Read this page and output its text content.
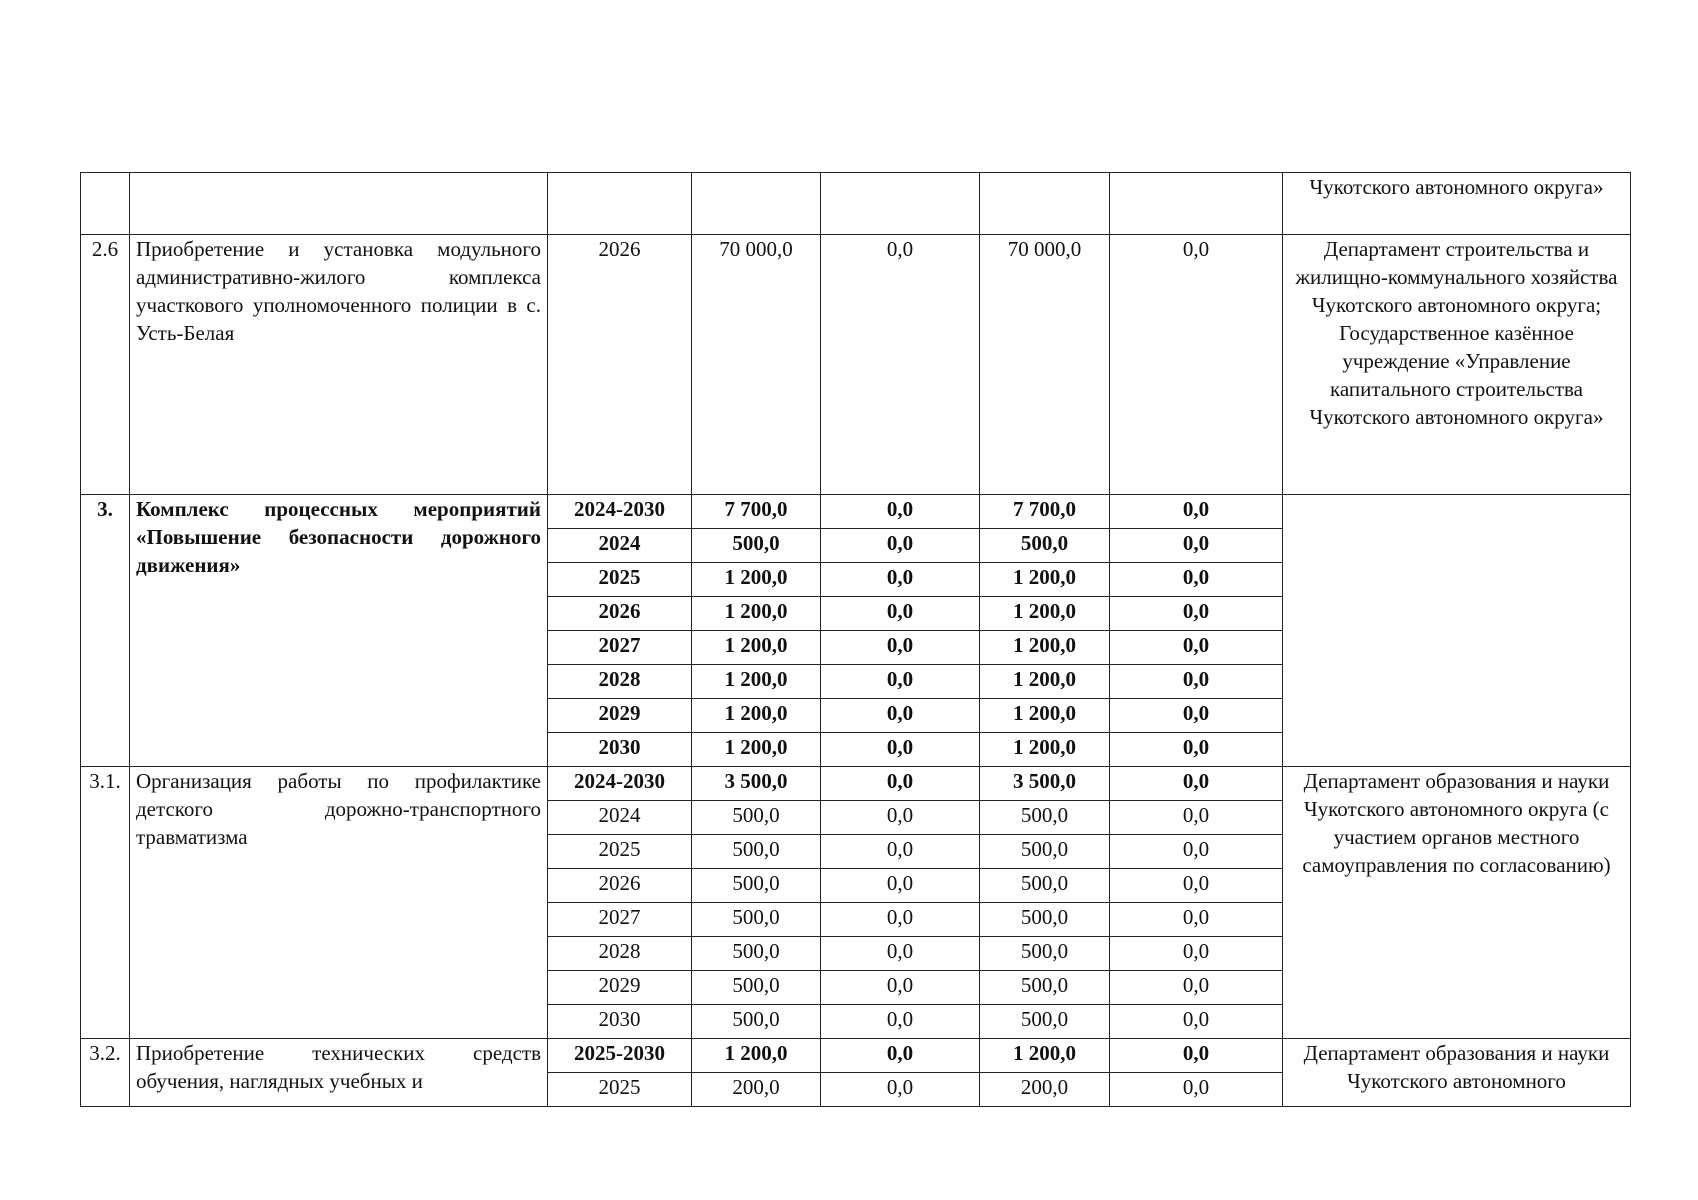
							Чукотского автономного округа»
2.6	Приобретение и установка модульного административно-жилого комплекса участкового уполномоченного полиции в с. Усть-Белая	2026	70 000,0	0,0	70 000,0	0,0	Департамент строительства и жилищно-коммунального хозяйства Чукотского автономного округа; Государственное казённое учреждение «Управление капитального строительства Чукотского автономного округа»
3.	Комплекс процессных мероприятий «Повышение безопасности дорожного движения»	2024-2030	7 700,0	0,0	7 700,0	0,0	
		2024	500,0	0,0	500,0	0,0	
		2025	1 200,0	0,0	1 200,0	0,0	
		2026	1 200,0	0,0	1 200,0	0,0	
		2027	1 200,0	0,0	1 200,0	0,0	
		2028	1 200,0	0,0	1 200,0	0,0	
		2029	1 200,0	0,0	1 200,0	0,0	
		2030	1 200,0	0,0	1 200,0	0,0	
3.1.	Организация работы по профилактике детского дорожно-транспортного травматизма	2024-2030	3 500,0	0,0	3 500,0	0,0	Департамент образования и науки Чукотского автономного округа (с участием органов местного самоуправления по согласованию)
		2024	500,0	0,0	500,0	0,0	
		2025	500,0	0,0	500,0	0,0	
		2026	500,0	0,0	500,0	0,0	
		2027	500,0	0,0	500,0	0,0	
		2028	500,0	0,0	500,0	0,0	
		2029	500,0	0,0	500,0	0,0	
		2030	500,0	0,0	500,0	0,0	
3.2.	Приобретение технических средств обучения, наглядных учебных и	2025-2030	1 200,0	0,0	1 200,0	0,0	Департамент образования и науки Чукотского автономного
		2025	200,0	0,0	200,0	0,0	
